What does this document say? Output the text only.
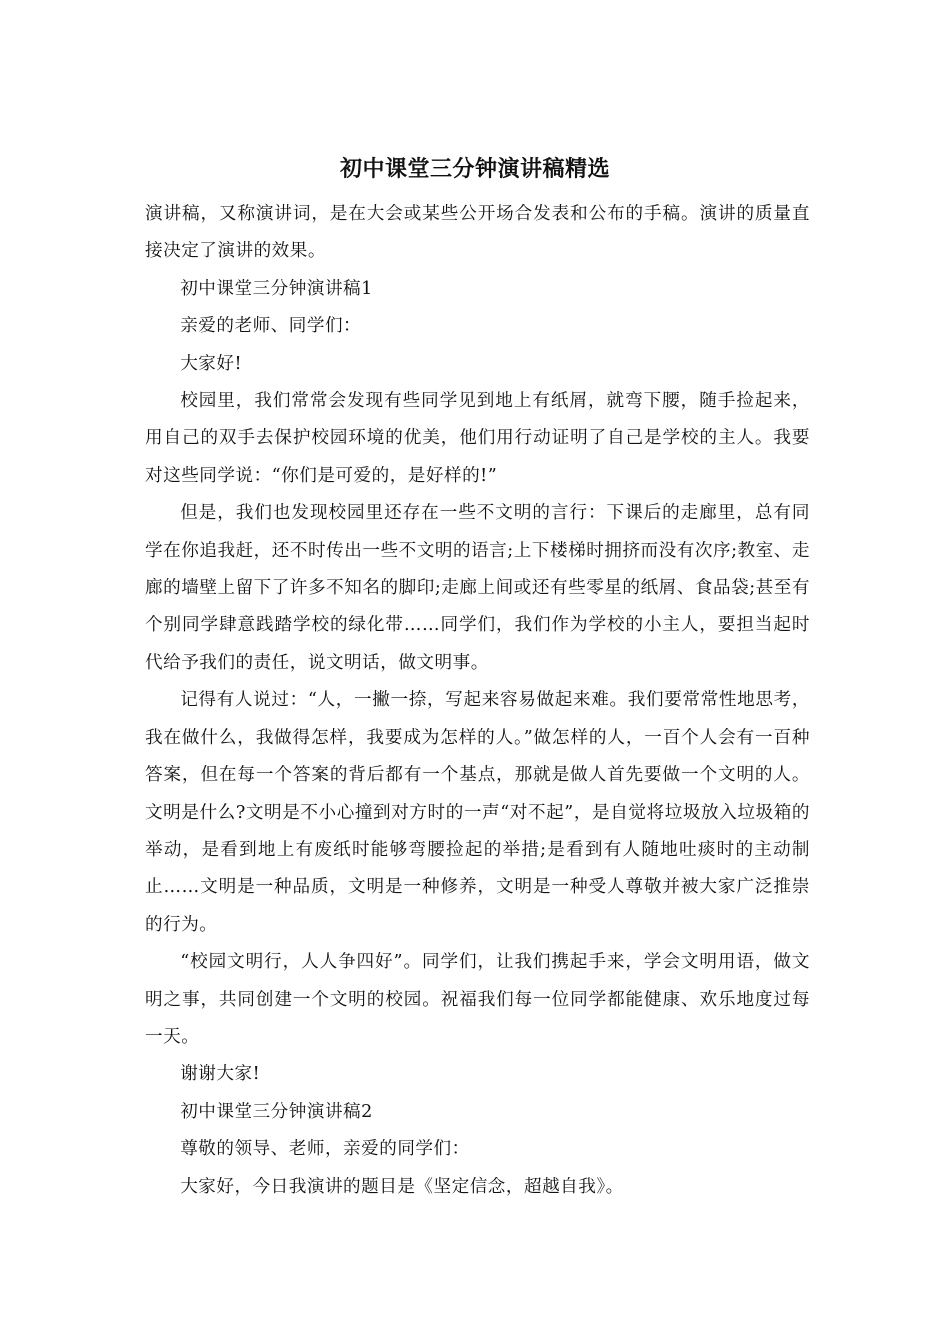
初中课堂三分钟演讲稿精选

演讲稿，又称演讲词，是在大会或某些公开场合发表和公布的手稿。演讲的质量直接决定了演讲的效果。

初中课堂三分钟演讲稿1

亲爱的老师、同学们：

大家好!

校园里，我们常常会发现有些同学见到地上有纸屑，就弯下腰，随手捡起来，用自己的双手去保护校园环境的优美，他们用行动证明了自己是学校的主人。我要对这些同学说：“你们是可爱的，是好样的!”

但是，我们也发现校园里还存在一些不文明的言行：下课后的走廊里，总有同学在你追我赶，还不时传出一些不文明的语言;上下楼梯时拥挤而没有次序;教室、走廊的墙壁上留下了许多不知名的脚印;走廊上间或还有些零星的纸屑、食品袋;甚至有个别同学肆意践踏学校的绿化带……同学们，我们作为学校的小主人，要担当起时代给予我们的责任，说文明话，做文明事。

记得有人说过：“人，一撇一捺，写起来容易做起来难。我们要常常性地思考，我在做什么，我做得怎样，我要成为怎样的人。”做怎样的人，一百个人会有一百种答案，但在每一个答案的背后都有一个基点，那就是做人首先要做一个文明的人。文明是什么?文明是不小心撞到对方时的一声“对不起”，是自觉将垃圾放入垃圾箱的举动，是看到地上有废纸时能够弯腰捡起的举措;是看到有人随地吐痰时的主动制止……文明是一种品质，文明是一种修养，文明是一种受人尊敬并被大家广泛推崇的行为。

“校园文明行，人人争四好”。同学们，让我们携起手来，学会文明用语，做文明之事，共同创建一个文明的校园。祝福我们每一位同学都能健康、欢乐地度过每一天。

谢谢大家!

初中课堂三分钟演讲稿2

尊敬的领导、老师，亲爱的同学们：

大家好，今日我演讲的题目是《坚定信念，超越自我》。
